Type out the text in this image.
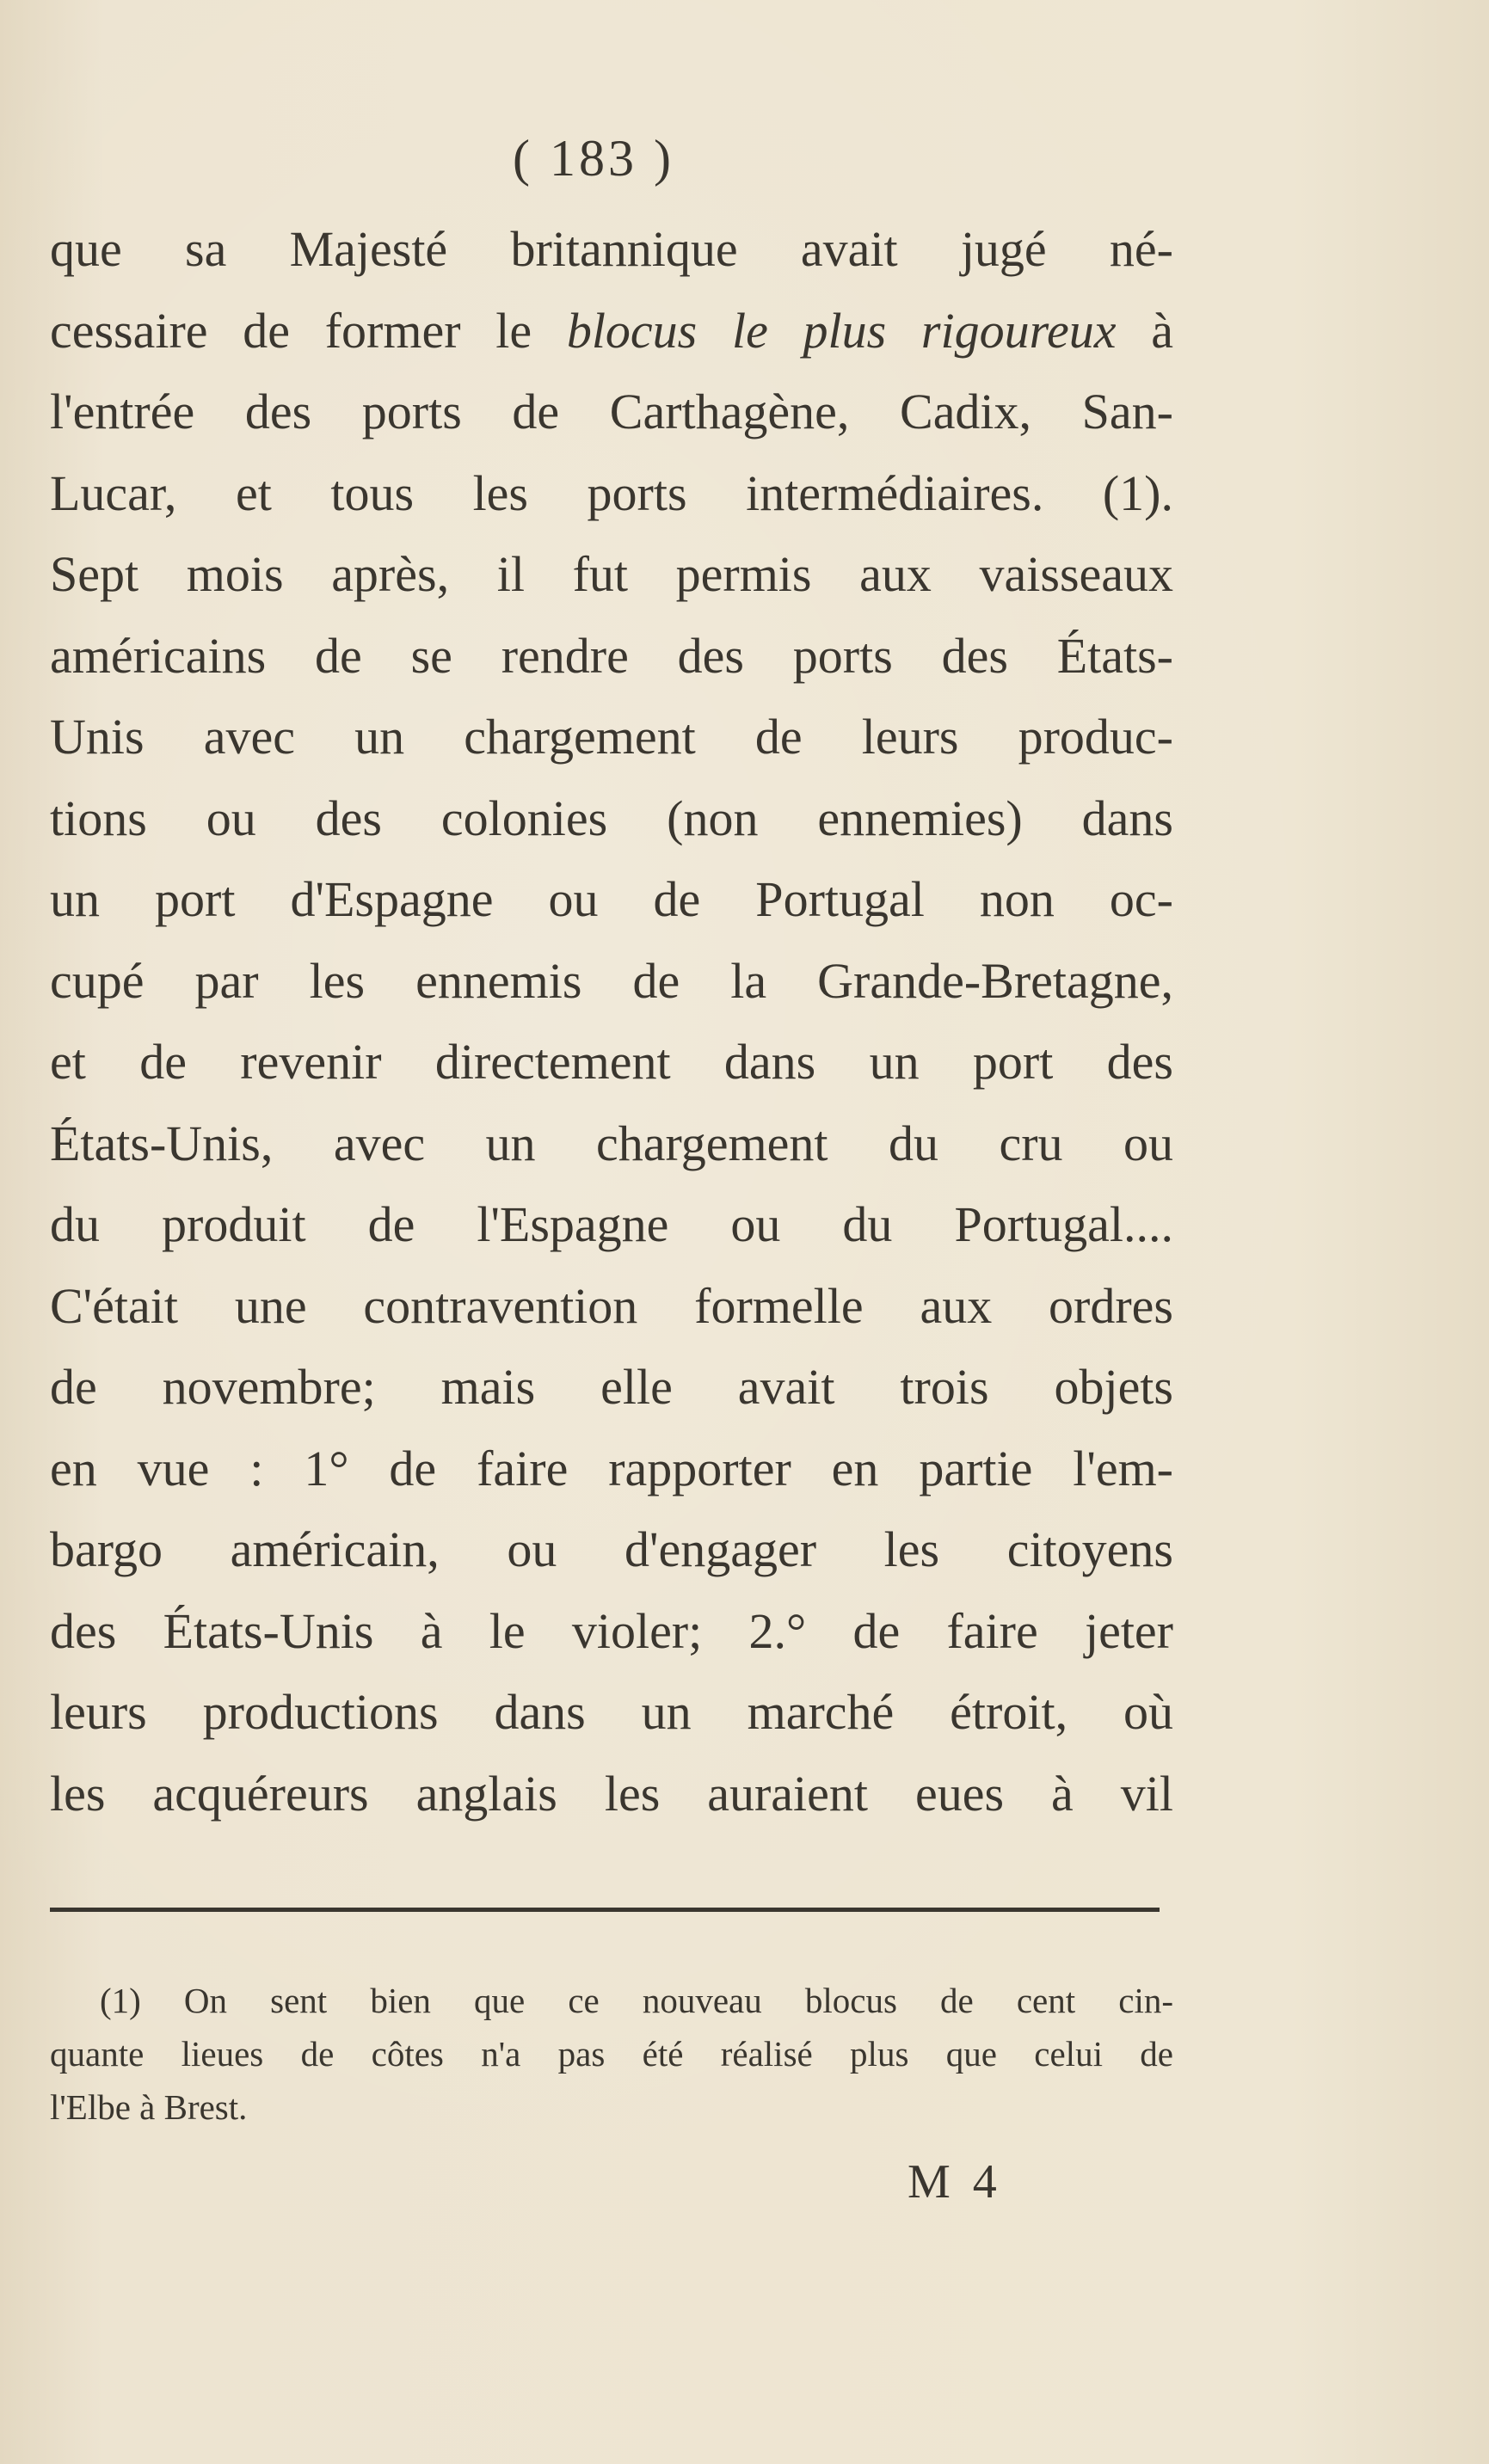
( 183 )
que sa Majesté britannique avait jugé né-
cessaire de former le blocus le plus rigoureux à
l'entrée des ports de Carthagène, Cadix, San-
Lucar, et tous les ports intermédiaires. (1).
Sept mois après, il fut permis aux vaisseaux
américains de se rendre des ports des États-
Unis avec un chargement de leurs produc-
tions ou des colonies (non ennemies) dans
un port d'Espagne ou de Portugal non oc-
cupé par les ennemis de la Grande-Bretagne,
et de revenir directement dans un port des
États-Unis, avec un chargement du cru ou
du produit de l'Espagne ou du Portugal....
C'était une contravention formelle aux ordres
de novembre; mais elle avait trois objets
en vue : 1° de faire rapporter en partie l'em-
bargo américain, ou d'engager les citoyens
des États-Unis à le violer; 2.° de faire jeter
leurs productions dans un marché étroit, où
les acquéreurs anglais les auraient eues à vil
(1) On sent bien que ce nouveau blocus de cent cin-
quante lieues de côtes n'a pas été réalisé plus que celui de
l'Elbe à Brest.
M 4
